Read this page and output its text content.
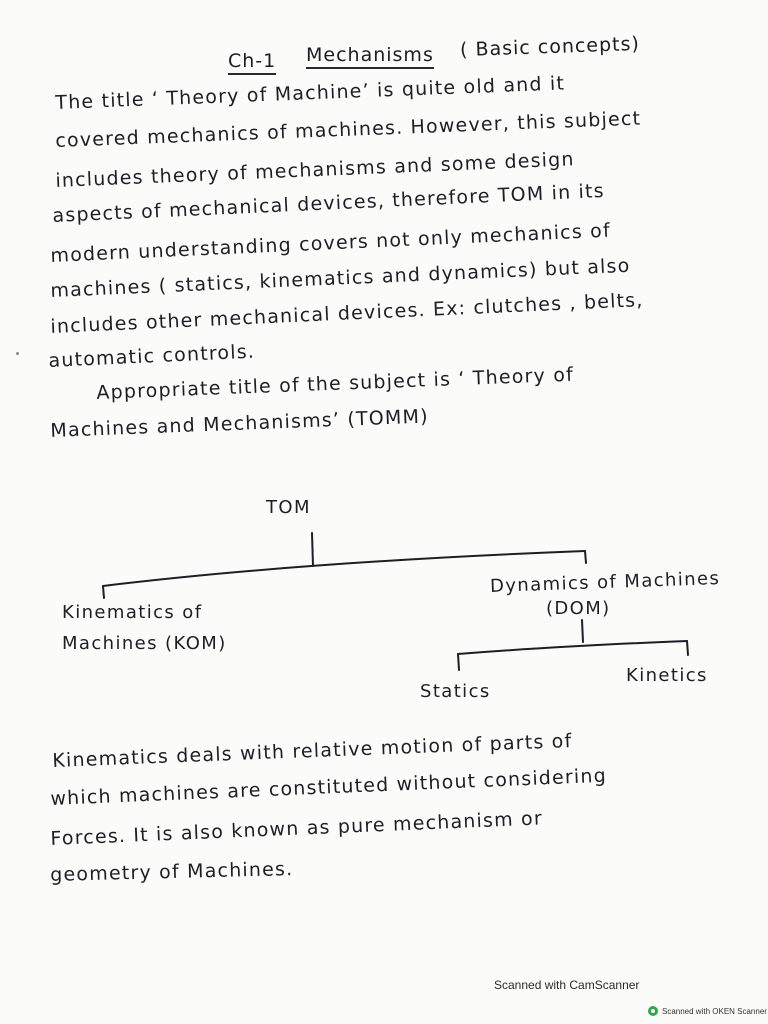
Ch-1 Mechanisms ( Basic concepts)
The title ‘ Theory of Machine’ is quite old and it
covered mechanics of machines. However, this subject
includes theory of mechanisms and some design
aspects of mechanical devices, therefore TOM in its
modern understanding covers not only mechanics of
machines ( statics, kinematics and dynamics) but also
includes other mechanical devices. Ex: clutches , belts,
automatic controls.
Appropriate title of the subject is ‘ Theory of
Machines and Mechanisms’ (TOMM)
TOM
Kinematics of
Machines (KOM)
Dynamics of Machines
(DOM)
Statics
Kinetics
Kinematics deals with relative motion of parts of
which machines are constituted without considering
Forces. It is also known as pure mechanism or
geometry of Machines.
Scanned with CamScanner
Scanned with OKEN Scanner
